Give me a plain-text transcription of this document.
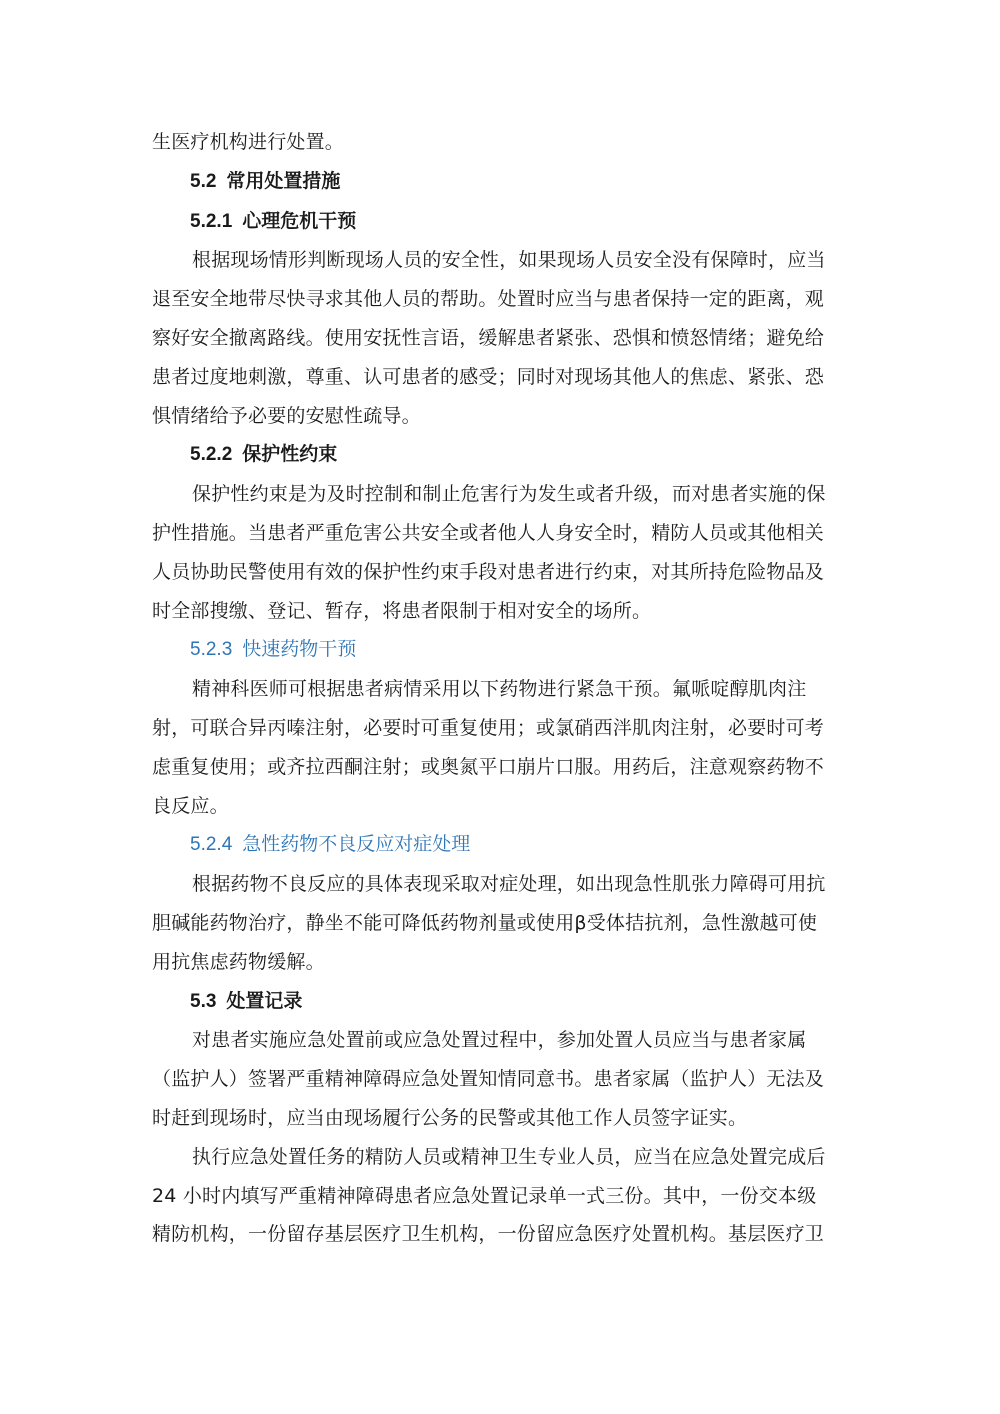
生医疗机构进行处置。
5.2 常用处置措施
5.2.1 心理危机干预
根据现场情形判断现场人员的安全性，如果现场人员安全没有保障时，应当
退至安全地带尽快寻求其他人员的帮助。处置时应当与患者保持一定的距离，观
察好安全撤离路线。使用安抚性言语，缓解患者紧张、恐惧和愤怒情绪；避免给
患者过度地刺激，尊重、认可患者的感受；同时对现场其他人的焦虑、紧张、恐
惧情绪给予必要的安慰性疏导。
5.2.2 保护性约束
保护性约束是为及时控制和制止危害行为发生或者升级，而对患者实施的保
护性措施。当患者严重危害公共安全或者他人人身安全时，精防人员或其他相关
人员协助民警使用有效的保护性约束手段对患者进行约束，对其所持危险物品及
时全部搜缴、登记、暂存，将患者限制于相对安全的场所。
5.2.3 快速药物干预
精神科医师可根据患者病情采用以下药物进行紧急干预。氟哌啶醇肌肉注
射，可联合异丙嗪注射，必要时可重复使用；或氯硝西泮肌肉注射，必要时可考
虑重复使用；或齐拉西酮注射；或奥氮平口崩片口服。用药后，注意观察药物不
良反应。
5.2.4 急性药物不良反应对症处理
根据药物不良反应的具体表现采取对症处理，如出现急性肌张力障碍可用抗
胆碱能药物治疗，静坐不能可降低药物剂量或使用β受体拮抗剂，急性激越可使
用抗焦虑药物缓解。
5.3 处置记录
对患者实施应急处置前或应急处置过程中，参加处置人员应当与患者家属
（监护人）签署严重精神障碍应急处置知情同意书。患者家属（监护人）无法及
时赶到现场时，应当由现场履行公务的民警或其他工作人员签字证实。
执行应急处置任务的精防人员或精神卫生专业人员，应当在应急处置完成后
24 小时内填写严重精神障碍患者应急处置记录单一式三份。其中，一份交本级
精防机构，一份留存基层医疗卫生机构，一份留应急医疗处置机构。基层医疗卫
